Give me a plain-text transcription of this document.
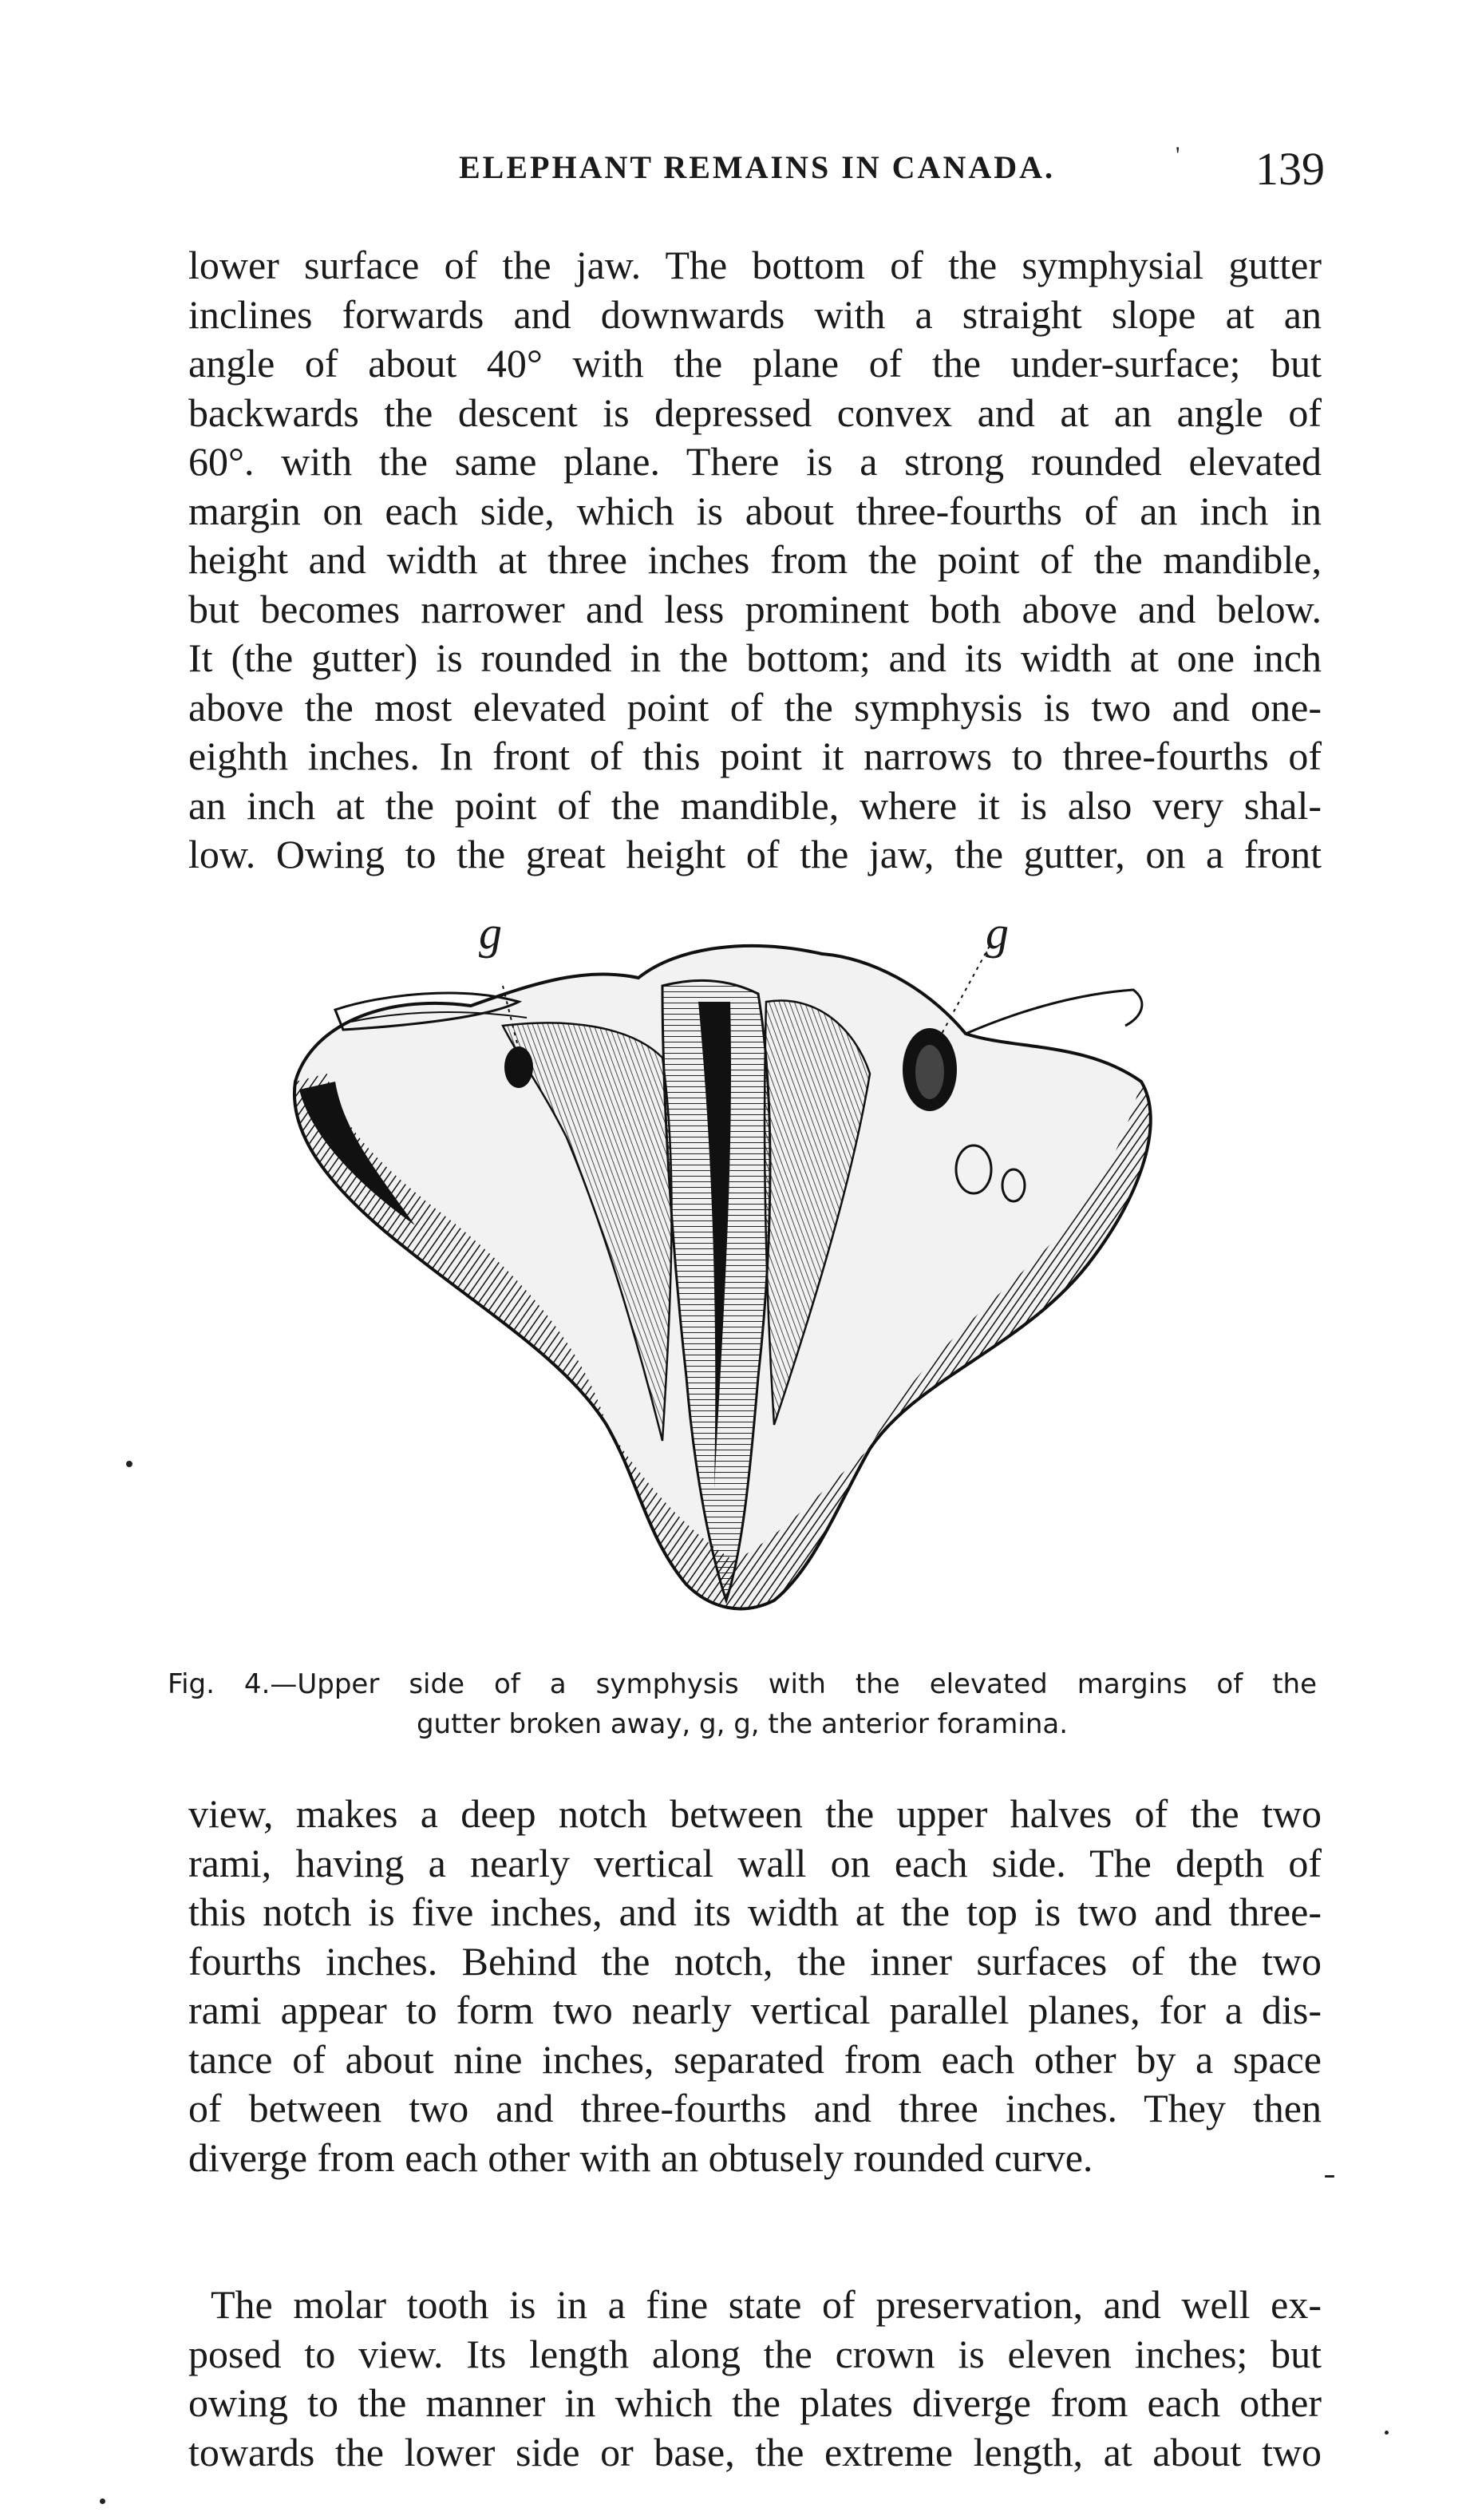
ELEPHANT REMAINS IN CANADA.	' 139
lower surface of the jaw. The bottom of the symphysial gutter
inclines forwards and downwards with a straight slope at an
angle of about 40° with the plane of the under-surface; but
backwards the descent is depressed convex and at an angle of
60°. with the same plane. There is a strong rounded elevated
margin on each side, which is about three-fourths of an inch in
height and width at three inches from the point of the mandible,
but becomes narrower and less prominent both above and below.
It (the gutter) is rounded in the bottom; and its width at one inch
above the most elevated point of the symphysis is two and one-
eighth inches. In front of this point it narrows to three-fourths of
an inch at the point of the mandible, where it is also very shal-
low. Owing to the great height of the jaw, the gutter, on a front
g	g
Fig. 4.—Upper side of a symphysis with the elevated margins of the
gutter broken away, g, g, the anterior foramina.
view, makes a deep notch between the upper halves of the two
rami, having a nearly vertical wall on each side. The depth of
this notch is five inches, and its width at the top is two and three-
fourths inches. Behind the notch, the inner surfaces of the two
rami appear to form two nearly vertical parallel planes, for a dis-
tance of about nine inches, separated from each other by a space
of between two and three-fourths and three inches. They then
diverge from each other with an obtusely rounded curve.
The molar tooth is in a fine state of preservation, and well ex-
posed to view. Its length along the crown is eleven inches; but
owing to the manner in which the plates diverge from each other
towards the lower side or base, the extreme length, at about two
